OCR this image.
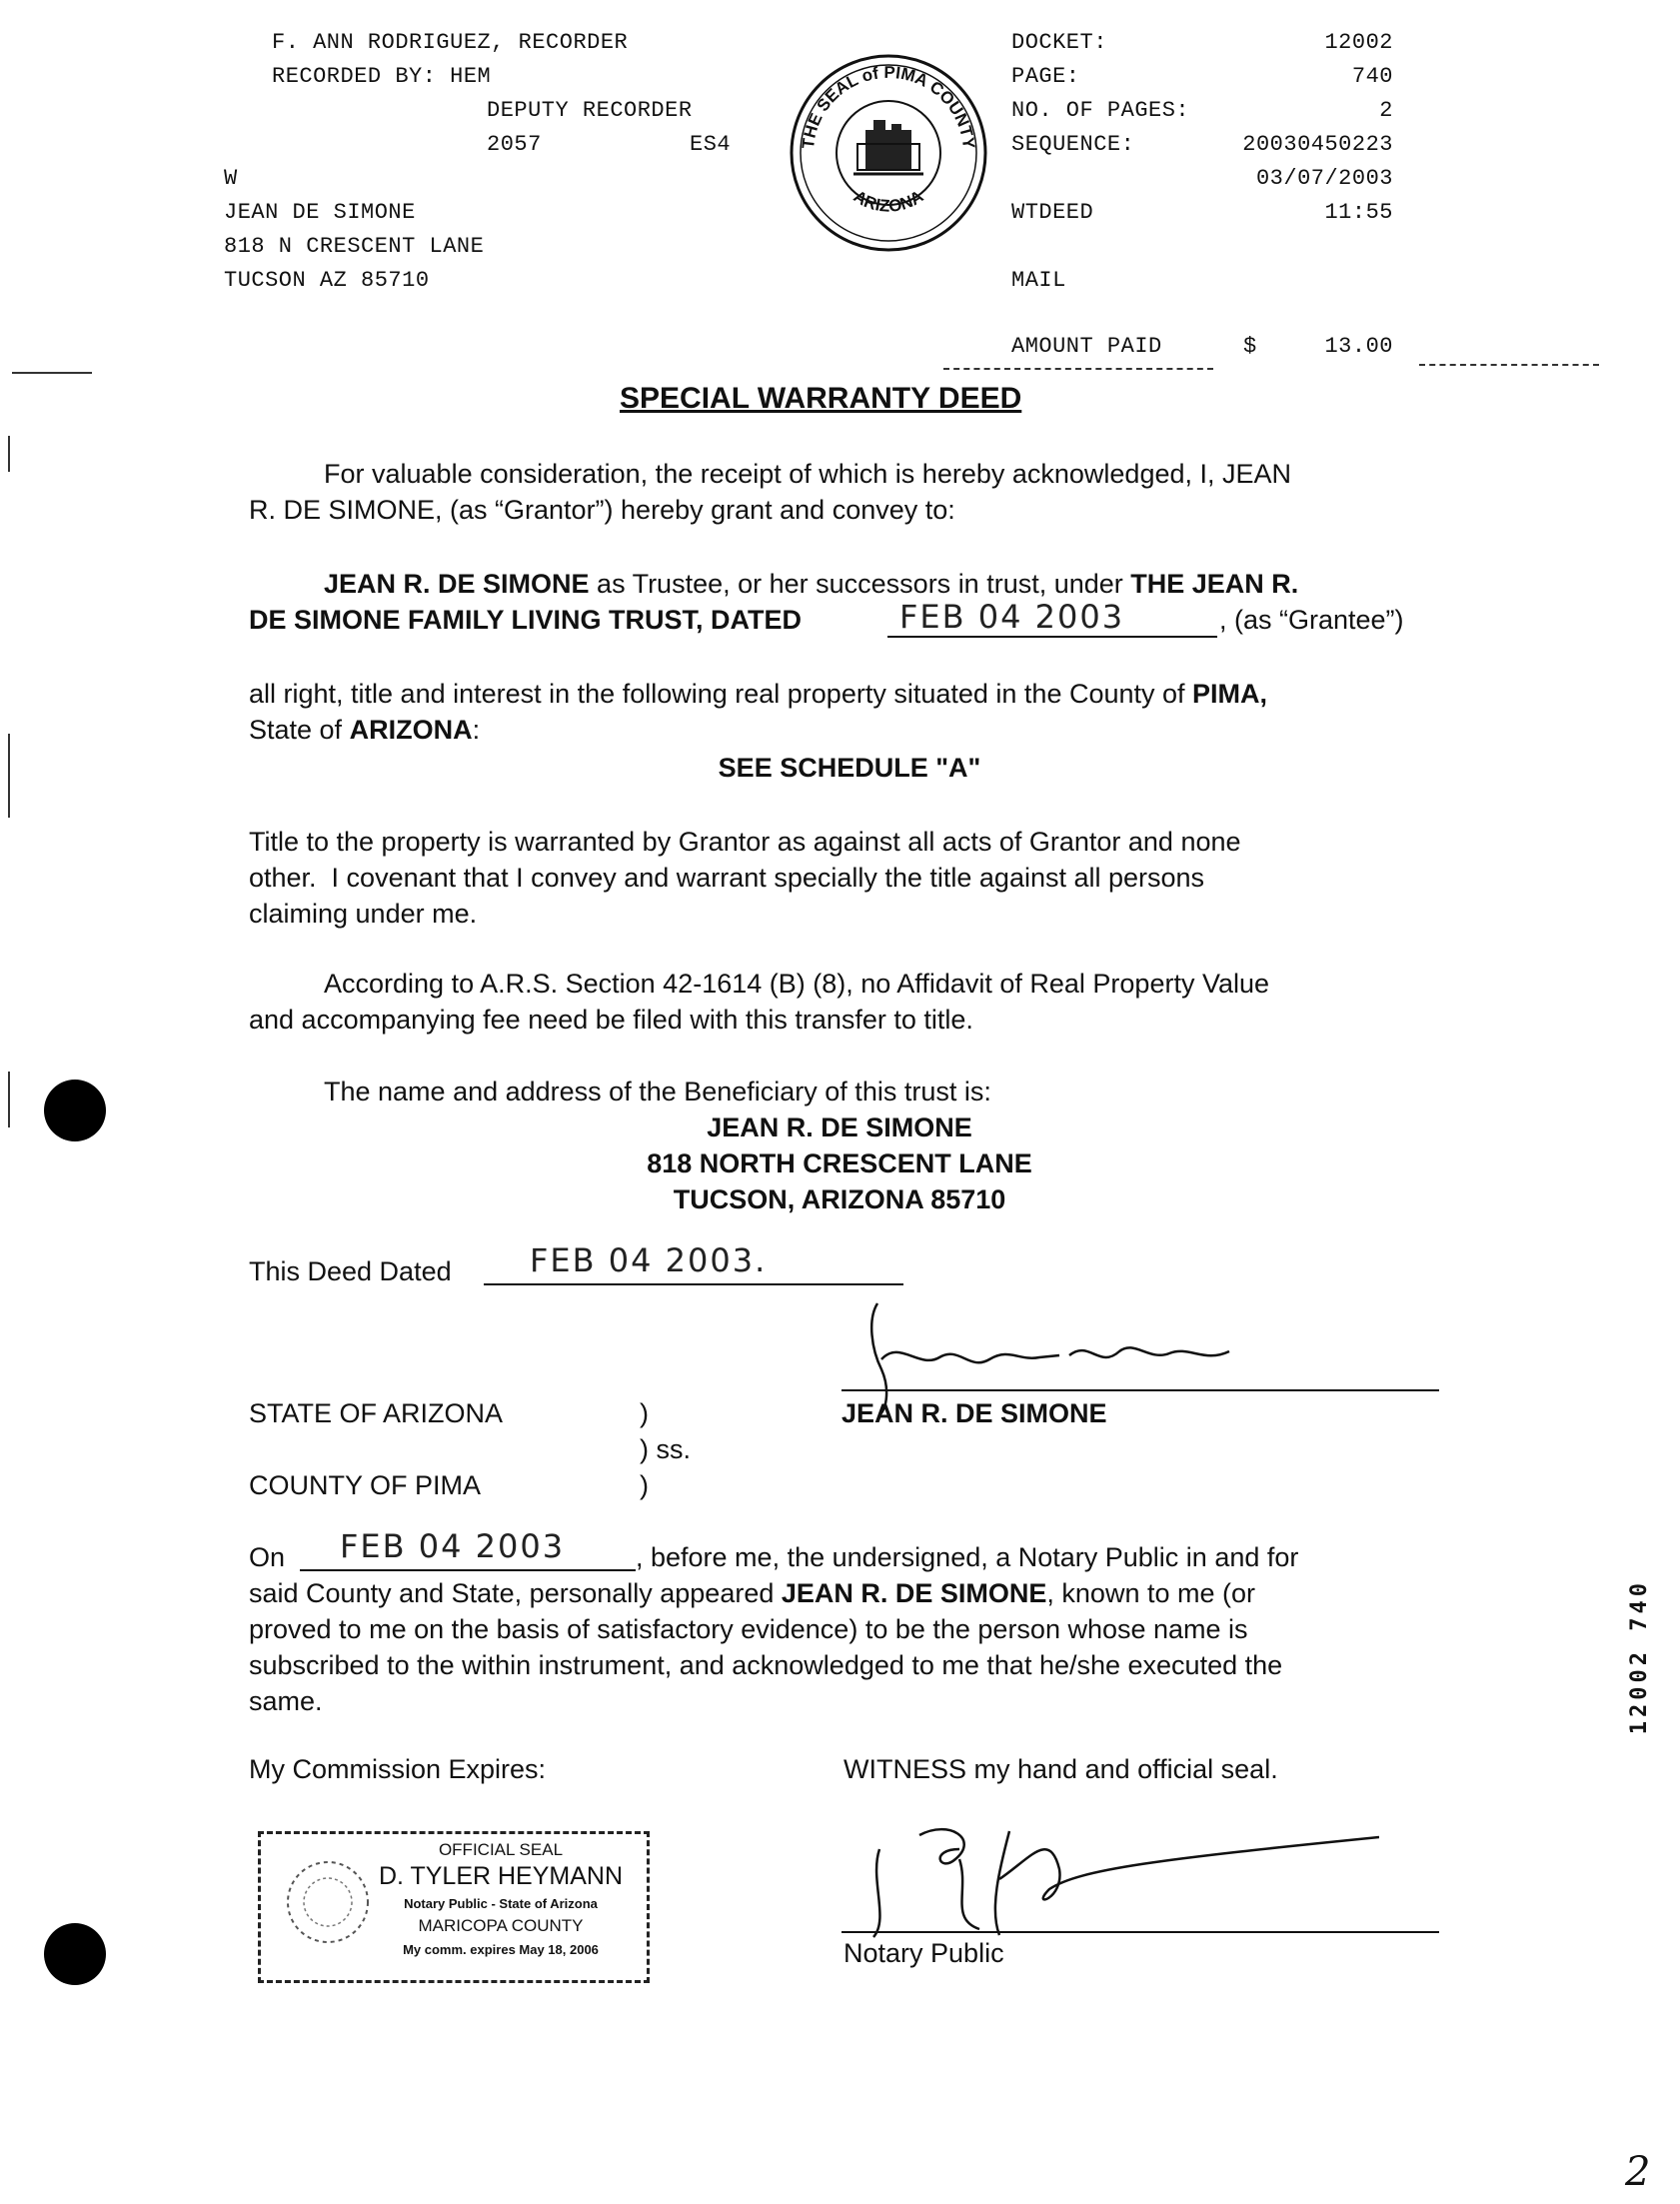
F. ANN RODRIGUEZ, RECORDER
RECORDED BY: HEM
DEPUTY RECORDER
2057	ES4
W
JEAN DE SIMONE
818 N CRESCENT LANE
TUCSON AZ 85710
THE SEAL of PIMA COUNTY
ARIZONA
DOCKET:	12002
PAGE:	740
NO. OF PAGES:	2
SEQUENCE:	20030450223
03/07/2003
WTDEED	11:55
MAIL
AMOUNT PAID	$	13.00
SPECIAL WARRANTY DEED
For valuable consideration, the receipt of which is hereby acknowledged, I, JEAN
R. DE SIMONE, (as “Grantor”) hereby grant and convey to:
JEAN R. DE SIMONE as Trustee, or her successors in trust, under THE JEAN R.
DE SIMONE FAMILY LIVING TRUST, DATED	FEB 04 2003	, (as “Grantee”)
all right, title and interest in the following real property situated in the County of PIMA,
State of ARIZONA:
SEE SCHEDULE "A"
Title to the property is warranted by Grantor as against all acts of Grantor and none
other.  I covenant that I convey and warrant specially the title against all persons
claiming under me.
According to A.R.S. Section 42-1614 (B) (8), no Affidavit of Real Property Value
and accompanying fee need be filed with this transfer to title.
The name and address of the Beneficiary of this trust is:
JEAN R. DE SIMONE
818 NORTH CRESCENT LANE
TUCSON, ARIZONA 85710
This Deed Dated FEB 04 2003.
JEAN R. DE SIMONE
STATE OF ARIZONA	)
) ss.
COUNTY OF PIMA	)
On FEB 04 2003	, before me, the undersigned, a Notary Public in and for
said County and State, personally appeared JEAN R. DE SIMONE, known to me (or
proved to me on the basis of satisfactory evidence) to be the person whose name is
subscribed to the within instrument, and acknowledged to me that he/she executed the
same.
My Commission Expires:	WITNESS my hand and official seal.
OFFICIAL SEAL
D. TYLER HEYMANN
Notary Public - State of Arizona
MARICOPA COUNTY
My comm. expires May 18, 2006	Notary Public
12002 740
2
